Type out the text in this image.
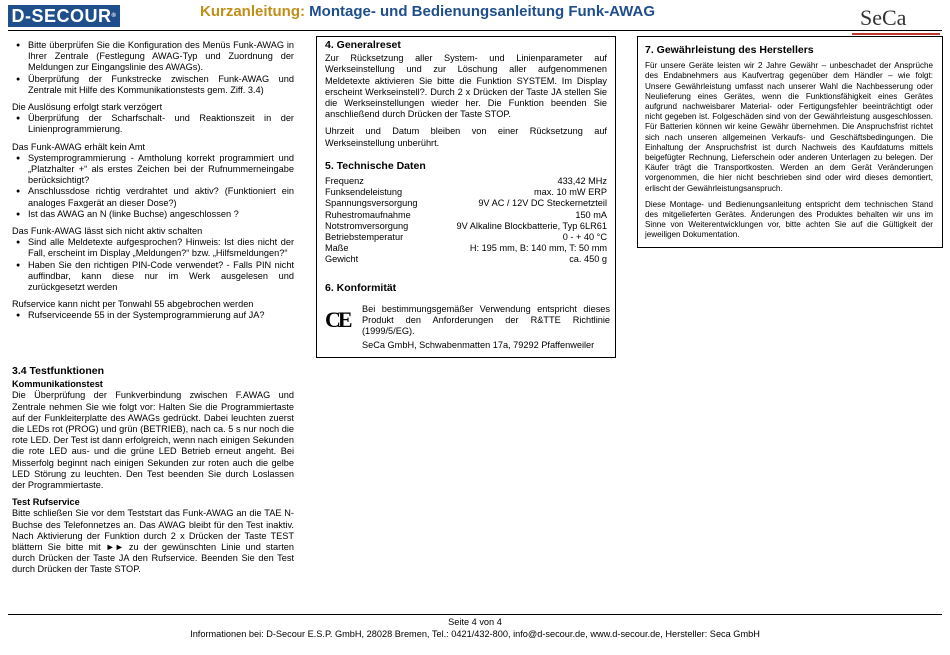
D-SECOUR®	Kurzanleitung: Montage- und Bedienungsanleitung Funk-AWAG	SeCa
● Bitte überprüfen Sie die Konfiguration des Menüs Funk-AWAG in Ihrer Zentrale (Festlegung AWAG-Typ und Zuordnung der Meldungen zur Eingangslinie des AWAGs).
● Überprüfung der Funkstrecke zwischen Funk-AWAG und Zentrale mit Hilfe des Kommunikationstests gem. Ziff. 3.4)

Die Auslösung erfolgt stark verzögert

● Überprüfung der Scharfschalt- und Reaktionszeit in der Linienprogrammierung.

Das Funk-AWAG erhält kein Amt

● Systemprogrammierung - Amtholung korrekt programmiert und „Platzhalter +“ als erstes Zeichen bei der Rufnummerneingabe berücksichtigt?
● Anschlussdose richtig verdrahtet und aktiv? (Funktioniert ein analoges Faxgerät an dieser Dose?)
● Ist das AWAG an N (linke Buchse) angeschlossen ?

Das Funk-AWAG lässt sich nicht aktiv schalten

● Sind alle Meldetexte aufgesprochen? Hinweis: Ist dies nicht der Fall, erscheint im Display „Meldungen?“ bzw. „Hilfsmeldungen?“
● Haben Sie den richtigen PIN-Code verwendet? - Falls PIN nicht auffindbar, kann diese nur im Werk ausgelesen und zurückgesetzt werden

Rufservice kann nicht per Tonwahl 55 abgebrochen werden

● Rufserviceende 55 in der Systemprogrammierung auf JA?
3.4 Testfunktionen
Kommunikationstest

Die Überprüfung der Funkverbindung zwischen F.AWAG und Zentrale nehmen Sie wie folgt vor: Halten Sie die Programmiertaste auf der Funkleiterplatte des AWAGs gedrückt. Dabei leuchten zuerst die LEDs rot (PROG) und grün (BETRIEB), nach ca. 5 s nur noch die rote LED. Der Test ist dann erfolgreich, wenn nach einigen Sekunden die rote LED aus- und die grüne LED Betrieb erneut angeht. Bei Misserfolg beginnt nach einigen Sekunden zur roten auch die gelbe LED Störung zu leuchten. Den Test beenden Sie durch Loslassen der Programmiertaste.

Test Rufservice

Bitte schließen Sie vor dem Teststart das Funk-AWAG an die TAE N-Buchse des Telefonnetzes an. Das AWAG bleibt für den Test inaktiv. Nach Aktivierung der Funktion durch 2 x Drücken der Taste TEST blättern Sie bitte mit ►► zu der gewünschten Linie und starten durch Drücken der Taste JA den Rufservice. Beenden Sie den Test durch Drücken der Taste STOP.

4. Generalreset

Zur Rücksetzung aller System- und Linienparameter auf Werkseinstellung und zur Löschung aller aufgenommenen Meldetexte aktivieren Sie bitte die Funktion SYSTEM. Im Display erscheint Werkseinstell?. Durch 2 x Drücken der Taste JA stellen Sie die Werkseinstellungen wieder her. Die Funktion beenden Sie anschließend durch Drücken der Taste STOP.

Uhrzeit und Datum bleiben von einer Rücksetzung auf Werkseinstellung unberührt.

5. Technische Daten
Frequenz	433,42 MHz
Funksendeleistung	max. 10 mW ERP
Spannungsversorgung	9V AC / 12V DC Steckernetzteil
Ruhestromaufnahme	150 mA
Notstromversorgung	9V Alkaline Blockbatterie, Typ 6LR61
Betriebstemperatur	0 - + 40 °C
Maße	H: 195 mm, B: 140 mm, T: 50 mm
Gewicht	ca. 450 g
6. Konformität
CE	Bei bestimmungsgemäßer Verwendung entspricht dieses Produkt den Anforderungen der R&TTE Richtlinie (1999/5/EG).

SeCa GmbH, Schwabenmatten 17a, 79292 Pfaffenweiler

7. Gewährleistung des Herstellers

Für unsere Geräte leisten wir 2 Jahre Gewähr – unbeschadet der Ansprüche des Endabnehmers aus Kaufvertrag gegenüber dem Händler – wie folgt: Unsere Gewährleistung umfasst nach unserer Wahl die Nachbesserung oder Neulieferung eines Gerätes, wenn die Funktionsfähigkeit eines Gerätes aufgrund nachweisbarer Material- oder Fertigungsfehler beeinträchtigt oder nicht gegeben ist. Folgeschäden sind von der Gewährleistung ausgeschlossen. Für Batterien können wir keine Gewähr übernehmen. Die Anspruchsfrist richtet sich nach unseren allgemeinen Verkaufs- und Geschäftsbedingungen. Die Einhaltung der Anspruchsfrist ist durch Nachweis des Kaufdatums mittels beigefügter Rechnung, Lieferschein oder anderen Unterlagen zu belegen. Der Käufer trägt die Transportkosten. Werden an dem Gerät Veränderungen vorgenommen, die hier nicht beschrieben sind oder wird dieses demontiert, erlischt der Gewährleistungsanspruch.

Diese Montage- und Bedienungsanleitung entspricht dem technischen Stand des mitgelieferten Gerätes. Änderungen des Produktes behalten wir uns im Sinne von Weiterentwicklungen vor, bitte achten Sie auf die Gültigkeit der jeweiligen Dokumentation.

Seite 4 von 4
Informationen bei: D-Secour E.S.P. GmbH, 28028 Bremen, Tel.: 0421/432-800, info@d-secour.de, www.d-secour.de, Hersteller: Seca GmbH
